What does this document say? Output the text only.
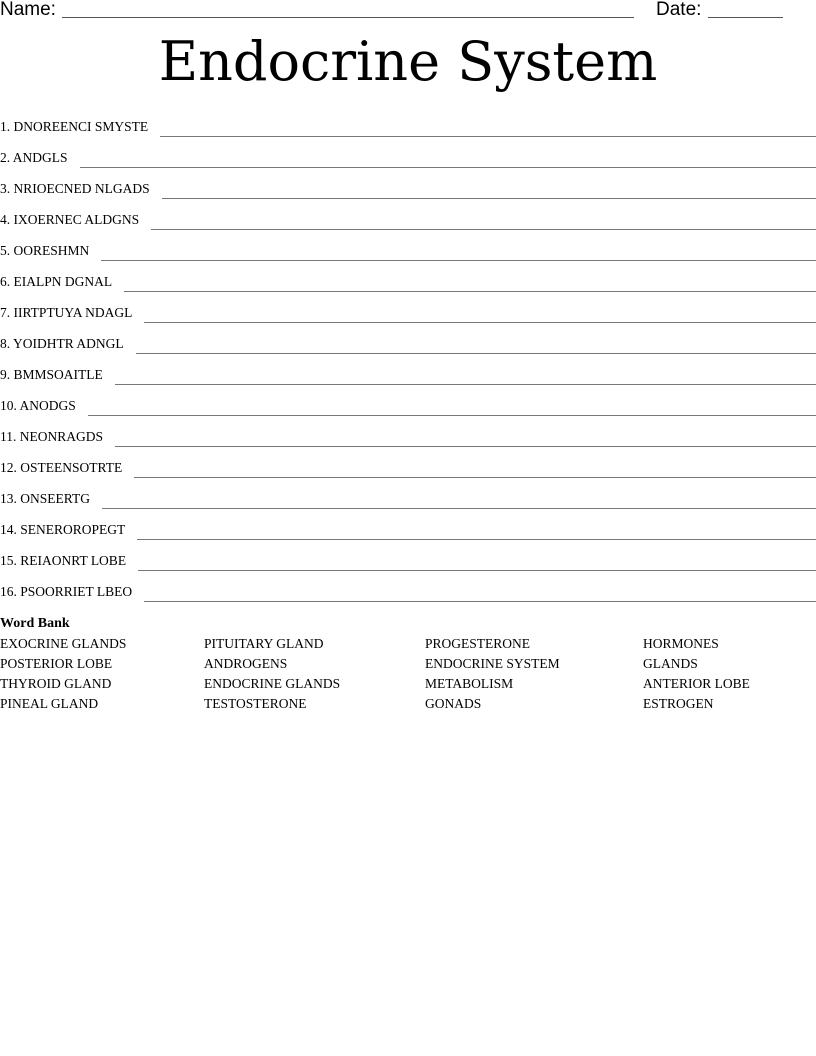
Name:	Date:
Endocrine System
1. DNOREENCI SMYSTE
2. ANDGLS
3. NRIOECNED NLGADS
4. IXOERNEC ALDGNS
5. OORESHMN
6. EIALPN DGNAL
7. IIRTPTUYA NDAGL
8. YOIDHTR ADNGL
9. BMMSOAITLE
10. ANODGS
11. NEONRAGDS
12. OSTEENSOTRTE
13. ONSEERTG
14. SENEROROPEGT
15. REIAONRT LOBE
16. PSOORRIET LBEO

Word Bank

EXOCRINE GLANDS	PITUITARY GLAND	PROGESTERONE	HORMONES
POSTERIOR LOBE	ANDROGENS	ENDOCRINE SYSTEM	GLANDS
THYROID GLAND	ENDOCRINE GLANDS	METABOLISM	ANTERIOR LOBE
PINEAL GLAND	TESTOSTERONE	GONADS	ESTROGEN
